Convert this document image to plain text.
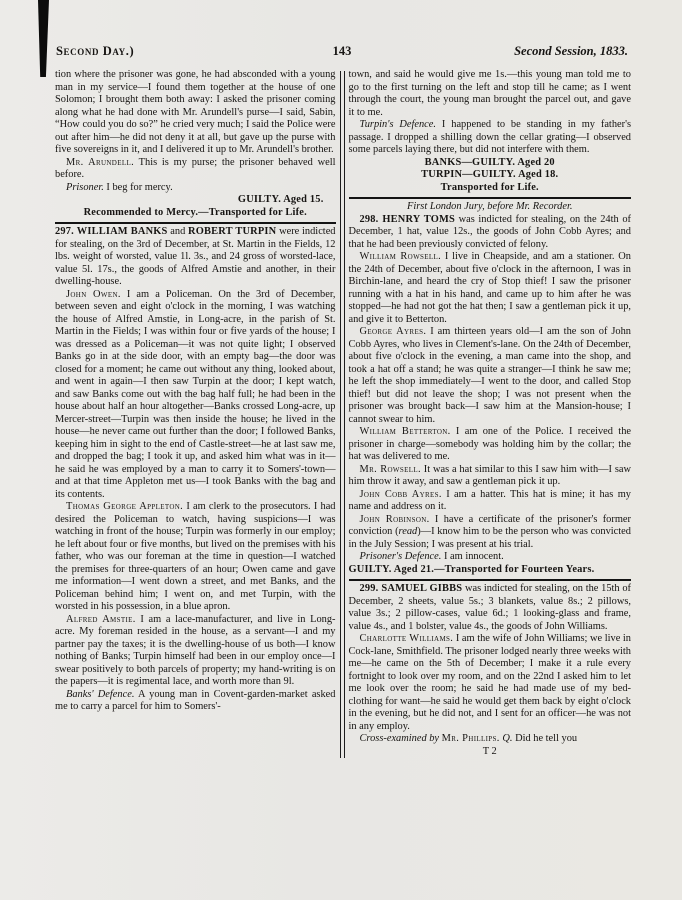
Second Day.)	143	Second Session, 1833.

tion where the prisoner was gone, he had absconded with a young man in my service—I found them together at the house of one Solomon; I brought them both away: I asked the prisoner coming along what he had done with Mr. Arundell's purse—I said, Sabin, “How could you do so?” he cried very much; I said the Police were out after him—he did not deny it at all, but gave up the purse with five sovereigns in it, and I delivered it up to Mr. Arundell's brother.

Mr. Arundell. This is my purse; the prisoner behaved well before.

Prisoner. I beg for mercy.

GUILTY. Aged 15.

Recommended to Mercy.—Transported for Life.

297. WILLIAM BANKS and ROBERT TURPIN were indicted for stealing, on the 3rd of December, at St. Martin in the Fields, 12 lbs. weight of worsted, value 1l. 3s., and 24 gross of worsted-lace, value 5l. 17s., the goods of Alfred Amstie and another, in their dwelling-house.

John Owen. I am a Policeman. On the 3rd of December, between seven and eight o'clock in the morning, I was watching the house of Alfred Amstie, in Long-acre, in the parish of St. Martin in the Fields; I was within four or five yards of the house; I was dressed as a Policeman—it was not quite light; I observed Banks go in at the side door, with an empty bag—the door was closed for a moment; he came out without any thing, looked about, and went in again—I then saw Turpin at the door; I kept watch, and saw Banks come out with the bag half full; he had been in the house about half an hour altogether—Banks crossed Long-acre, up Mercer-street—Turpin was then inside the house; he lived in the house—he never came out further than the door; I followed Banks, keeping him in sight to the end of Castle-street—he at last saw me, and dropped the bag; I took it up, and asked him what was in it—he said he was employed by a man to carry it to Somers'-town—and at that time Appleton met us—I took Banks with the bag and its contents.

Thomas George Appleton. I am clerk to the prosecutors. I had desired the Policeman to watch, having suspicions—I was watching in front of the house; Turpin was formerly in our employ; he left about four or five months, but lived on the premises with his father, who was our foreman at the time in question—I watched the premises for three-quarters of an hour; Owen came and gave me information—I went down a street, and met Banks, and the Policeman behind him; I went on, and met Turpin, with the worsted in his possession, in a blue apron.

Alfred Amstie. I am a lace-manufacturer, and live in Long-acre. My foreman resided in the house, as a servant—I and my partner pay the taxes; it is the dwelling-house of us both—I know nothing of Banks; Turpin himself had been in our employ once—I swear positively to both parcels of property; my hand-writing is on the papers—it is regimental lace, and worth more than 9l.

Banks' Defence. A young man in Covent-garden-market asked me to carry a parcel for him to Somers'-

town, and said he would give me 1s.—this young man told me to go to the first turning on the left and stop till he came; as I went through the court, the young man brought the parcel out, and gave it to me.

Turpin's Defence. I happened to be standing in my father's passage. I dropped a shilling down the cellar grating—I observed some parcels laying there, but did not interfere with them.

BANKS—GUILTY. Aged 20

TURPIN—GUILTY. Aged 18.

Transported for Life.

First London Jury, before Mr. Recorder.

298. HENRY TOMS was indicted for stealing, on the 24th of December, 1 hat, value 12s., the goods of John Cobb Ayres; and that he had been previously convicted of felony.

William Rowsell. I live in Cheapside, and am a stationer. On the 24th of December, about five o'clock in the afternoon, I was in Birchin-lane, and heard the cry of Stop thief! I saw the prisoner running with a hat in his hand, and came up to him after he was stopped—he had not got the hat then; I saw a gentleman pick it up, and give it to Betterton.

George Ayres. I am thirteen years old—I am the son of John Cobb Ayres, who lives in Clement's-lane. On the 24th of December, about five o'clock in the evening, a man came into the shop, and took a hat off a stand; he was quite a stranger—I think he saw me; he left the shop immediately—I went to the door, and called Stop thief! but did not leave the shop; I was not present when the prisoner was brought back—I saw him at the Mansion-house; I cannot swear to him.

William Betterton. I am one of the Police. I received the prisoner in charge—somebody was holding him by the collar; the hat was delivered to me.

Mr. Rowsell. It was a hat similar to this I saw him with—I saw him throw it away, and saw a gentleman pick it up.

John Cobb Ayres. I am a hatter. This hat is mine; it has my name and address on it.

John Robinson. I have a certificate of the prisoner's former conviction (read)—I know him to be the person who was convicted in the July Session; I was present at his trial.

Prisoner's Defence. I am innocent.

GUILTY. Aged 21.—Transported for Fourteen Years.

299. SAMUEL GIBBS was indicted for stealing, on the 15th of December, 2 sheets, value 5s.; 3 blankets, value 8s.; 2 pillows, value 3s.; 2 pillow-cases, value 6d.; 1 looking-glass and frame, value 4s., and 1 bolster, value 4s., the goods of John Williams.

Charlotte Williams. I am the wife of John Williams; we live in Cock-lane, Smithfield. The prisoner lodged nearly three weeks with me—he came on the 5th of December; I make it a rule every fortnight to look over my room, and on the 22nd I asked him to let me look over the room; he said he had made use of my bed-clothing for want—he said he would get them back by eight o'clock in the evening, but he did not, and I sent for an officer—he was not in any employ.

Cross-examined by Mr. Phillips. Q. Did he tell you

T 2
